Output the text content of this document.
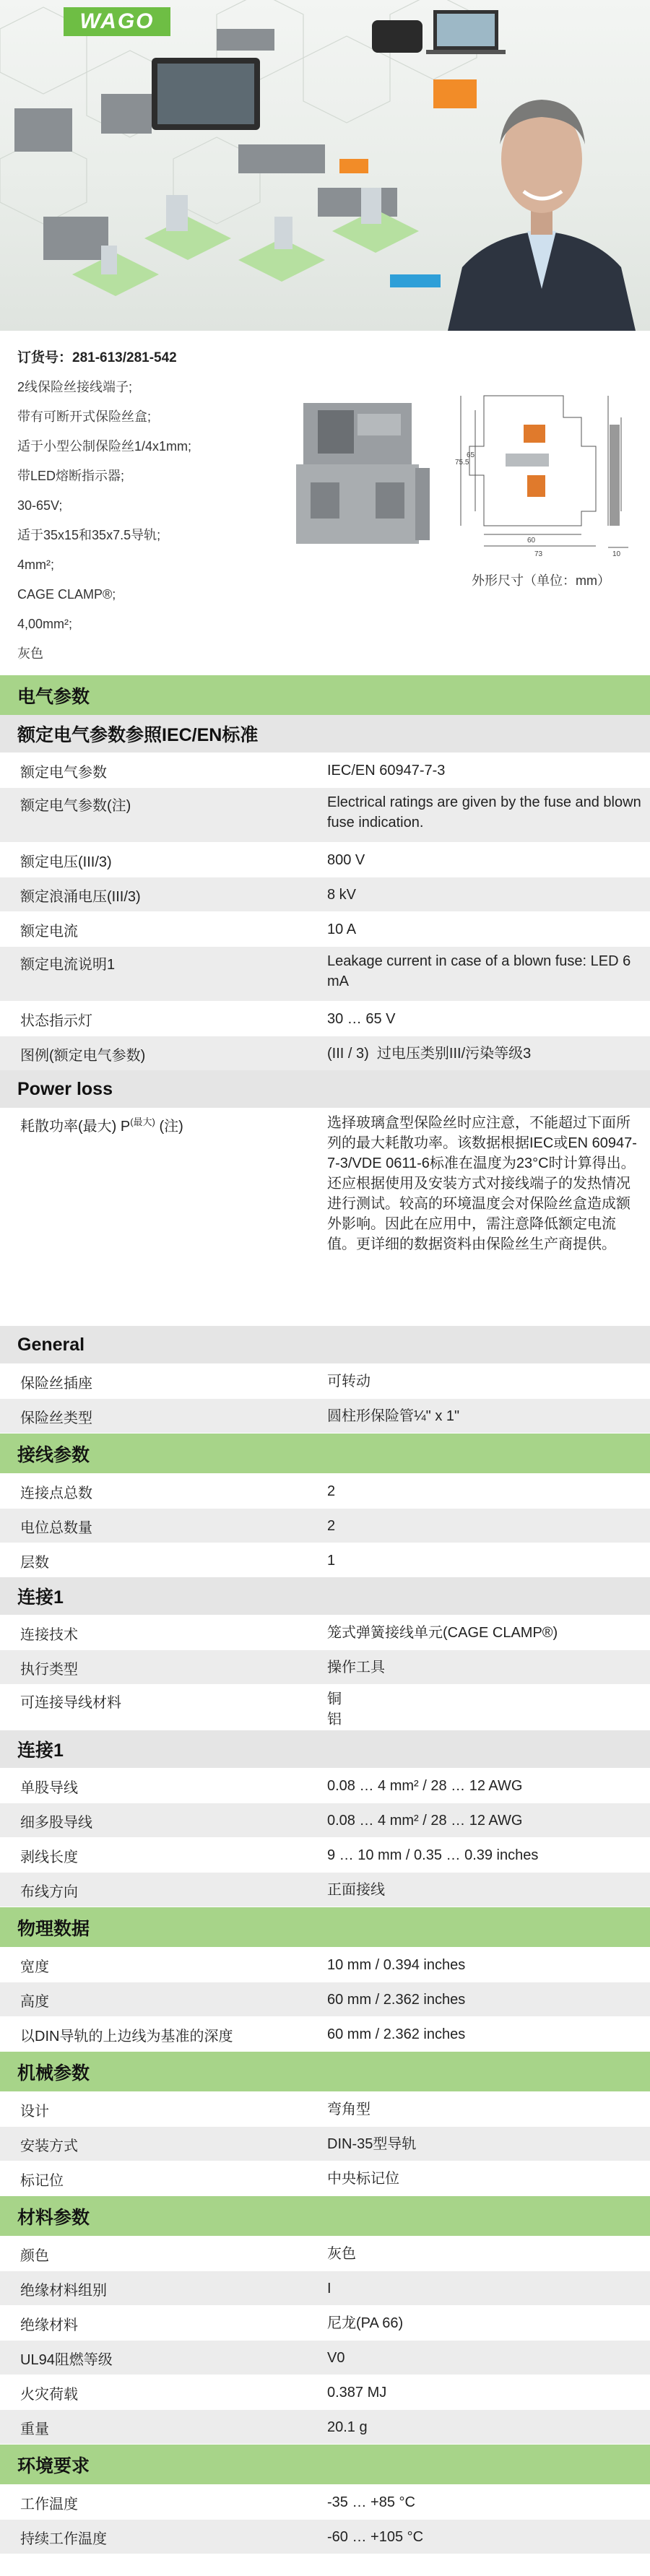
WAGO
订货号：281-613/281-542
2线保险丝接线端子;
带有可断开式保险丝盒;
适于小型公制保险丝1/4x1mm;
带LED熔断指示器;
30-65V;
适于35x15和35x7.5导轨;
4mm²;
CAGE CLAMP®;
4,00mm²;
灰色
75.5
65
60
73	10
外形尺寸（单位：mm）
电气参数
额定电气参数参照IEC/EN标准
额定电气参数	IEC/EN 60947-7-3
额定电气参数(注)	Electrical ratings are given by the fuse and blown fuse indication.
额定电压(III/3)	800 V
额定浪涌电压(III/3)	8 kV
额定电流	10 A
额定电流说明1	Leakage current in case of a blown fuse: LED 6 mA
状态指示灯	30 … 65 V
图例(额定电气参数)	(III / 3)  过电压类别III/污染等级3
Power loss
耗散功率(最大) $P^{(最大)}$ (注)	选择玻璃盒型保险丝时应注意，不能超过下面所列的最大耗散功率。该数据根据IEC或EN 60947-7-3/VDE 0611-6标准在温度为23°C时计算得出。还应根据使用及安装方式对接线端子的发热情况进行测试。较高的环境温度会对保险丝盒造成额外影响。因此在应用中，需注意降低额定电流值。更详细的数据资料由保险丝生产商提供。
General
保险丝插座	可转动
保险丝类型	圆柱形保险管¼" x 1"
接线参数
连接点总数	2
电位总数量	2
层数	1
连接1
连接技术	笼式弹簧接线单元(CAGE CLAMP®)
执行类型	操作工具
可连接导线材料	铜
铝
连接1
单股导线	0.08 … 4 mm² / 28 … 12 AWG
细多股导线	0.08 … 4 mm² / 28 … 12 AWG
剥线长度	9 … 10 mm / 0.35 … 0.39 inches
布线方向	正面接线
物理数据
宽度	10 mm / 0.394 inches
高度	60 mm / 2.362 inches
以DIN导轨的上边线为基准的深度	60 mm / 2.362 inches
机械参数
设计	弯角型
安装方式	DIN-35型导轨
标记位	中央标记位
材料参数
颜色	灰色
绝缘材料组别	I
绝缘材料	尼龙(PA 66)
UL94阻燃等级	V0
火灾荷载	0.387 MJ
重量	20.1 g
环境要求
工作温度	-35 … +85 °C
持续工作温度	-60 … +105 °C
